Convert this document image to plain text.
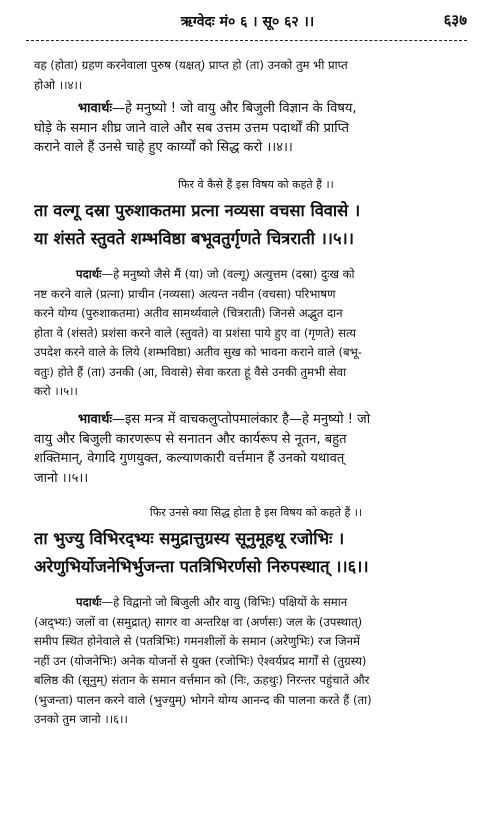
ऋग्वेदः मं० ६ । सू० ६२ ।।	६३७
वह (होता) ग्रहण करनेवाला पुरुष (यक्षत्) प्राप्त हो (ता) उनको तुम भी प्राप्त
होओ ।।४।।
भावार्थः—हे मनुष्यो ! जो वायु और बिजुली विज्ञान के विषय,
घोड़े के समान शीघ्र जाने वाले और सब उत्तम उत्तम पदार्थों की प्राप्ति
कराने वाले हैं उनसे चाहे हुए कार्य्यों को सिद्ध करो ।।४।।
फिर वे कैसे हैं इस विषय को कहते हैं ।।
ता वल्गू दस्रा पुरुशाकतमा प्रत्ना नव्यसा वचसा विवासे ।
या शंसते स्तुवते शम्भविष्ठा बभूवतुर्गृणते चित्रराती ।।५।।
पदार्थः—हे मनुष्यो जैसे मैं (या) जो (वल्गू) अत्युत्तम (दस्रा) दुःख को
नष्ट करने वाले (प्रत्ना) प्राचीन (नव्यसा) अत्यन्त नवीन (वचसा) परिभाषण
करने योग्य (पुरुशाकतमा) अतीव सामर्थ्यवाले (चित्रराती) जिनसे अद्भुत दान
होता वे (शंसते) प्रशंसा करने वाले (स्तुवते) वा प्रशंसा पाये हुए वा (गृणते) सत्य
उपदेश करने वाले के लिये (शम्भविष्ठा) अतीव सुख को भावना कराने वाले (बभू-
वतुः) होते हैं (ता) उनकी (आ, विवासे) सेवा करता हूं वैसे उनकी तुमभी सेवा
करो ।।५।।
भावार्थः—इस मन्त्र में वाचकलुप्तोपमालंकार है—हे मनुष्यो ! जो
वायु और बिजुली कारणरूप से सनातन और कार्यरूप से नूतन, बहुत
शक्तिमान्, वेगादि गुणयुक्त, कल्याणकारी वर्त्तमान हैं उनको यथावत्
जानो ।।५।।
फिर उनसे क्या सिद्ध होता है इस विषय को कहते हैं ।।
ता भुज्यु विभिरद्भ्यः समुद्रात्तुग्रस्य सूनुमूहथू रजोभिः ।
अरेणुभिर्योजनेभिर्भुजन्ता पतत्रिभिरर्णसो निरुपस्थात् ।।६।।
पदार्थः—हे विद्वानो जो बिजुली और वायु (विभिः) पक्षियों के समान
(अद्भ्यः) जलों वा (समुद्रात्) सागर वा अन्तरिक्ष वा (अर्णसः) जल के (उपस्थात्)
समीप स्थित होनेवाले से (पतत्रिभिः) गमनशीलों के समान (अरेणुभिः) रज जिनमें
नहीं उन (योजनेभिः) अनेक योजनों से युक्त (रजोभिः) ऐश्वर्यप्रद मार्गों से (तुग्रस्य)
बलिष्ठ की (सूनुम्) संतान के समान वर्त्तमान को (निः, ऊहथुः) निरन्तर पहुंचाते और
(भुजन्ता) पालन करने वाले (भुज्युम्) भोगने योग्य आनन्द की पालना करते हैं (ता)
उनको तुम जानो ।।६।।
